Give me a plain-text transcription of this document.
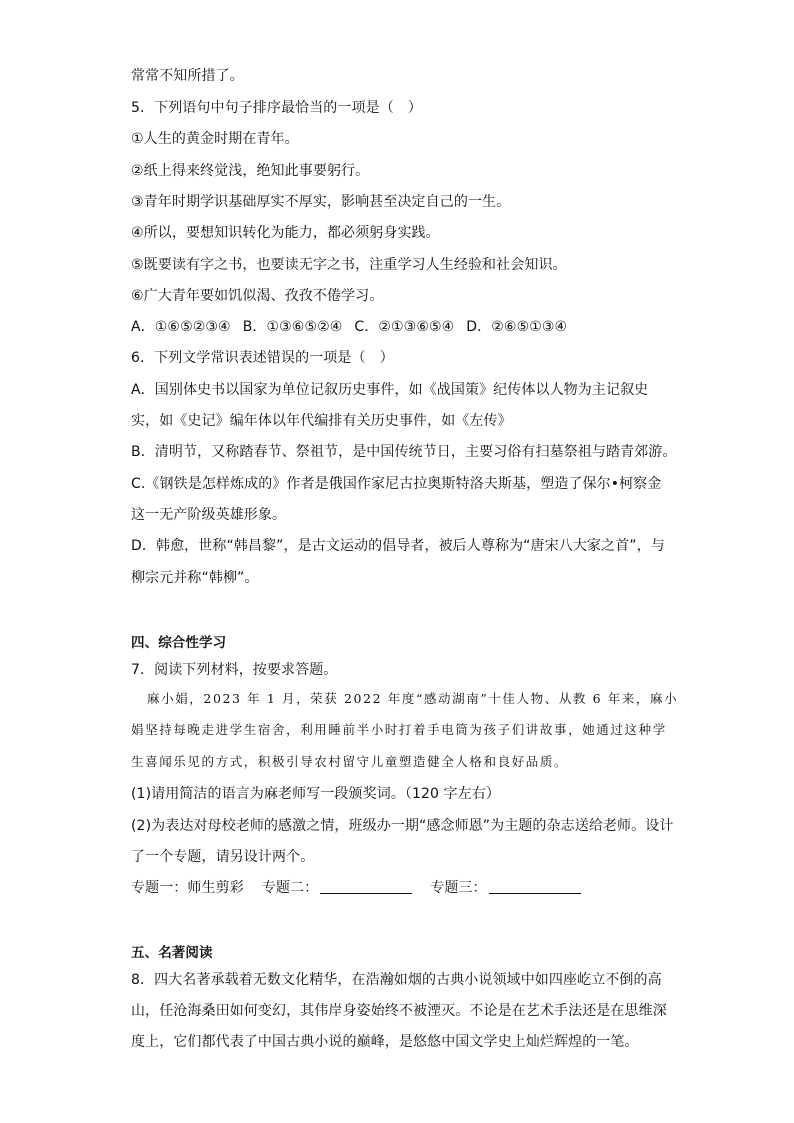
常常不知所措了。
5．下列语句中句子排序最恰当的一项是（　）
①人生的黄金时期在青年。
②纸上得来终觉浅，绝知此事要躬行。
③青年时期学识基础厚实不厚实，影响甚至决定自己的一生。
④所以，要想知识转化为能力，都必须躬身实践。
⑤既要读有字之书，也要读无字之书，注重学习人生经验和社会知识。
⑥广大青年要如饥似渴、孜孜不倦学习。
A．①⑥⑤②③④ B．①③⑥⑤②④ C．②①③⑥⑤④ D．②⑥⑤①③④
6．下列文学常识表述错误的一项是（　）
A．国别体史书以国家为单位记叙历史事件，如《战国策》纪传体以人物为主记叙史
实，如《史记》编年体以年代编排有关历史事件，如《左传》
B．清明节，又称踏春节、祭祖节，是中国传统节日，主要习俗有扫墓祭祖与踏青郊游。
C.《钢铁是怎样炼成的》作者是俄国作家尼古拉奥斯特洛夫斯基，塑造了保尔•柯察金
这一无产阶级英雄形象。
D．韩愈，世称“韩昌黎”，是古文运动的倡导者，被后人尊称为“唐宋八大家之首”，与
柳宗元并称“韩柳”。
四、综合性学习
7．阅读下列材料，按要求答题。
麻小娟，2023 年 1 月，荣获 2022 年度“感动湖南”十佳人物、从教 6 年来，麻小
娟坚持每晚走进学生宿舍，利用睡前半小时打着手电筒为孩子们讲故事，她通过这种学
生喜闻乐见的方式，积极引导农村留守儿童塑造健全人格和良好品质。
(1)请用简洁的语言为麻老师写一段颁奖词。（120 字左右）
(2)为表达对母校老师的感激之情，班级办一期“感念师恩”为主题的杂志送给老师。设计
了一个专题，请另设计两个。
专题一：师生剪彩 专题二：	专题三：
五、名著阅读
8．四大名著承载着无数文化精华，在浩瀚如烟的古典小说领域中如四座屹立不倒的高
山，任沧海桑田如何变幻，其伟岸身姿始终不被湮灭。不论是在艺术手法还是在思维深
度上，它们都代表了中国古典小说的巅峰，是悠悠中国文学史上灿烂辉煌的一笔。
